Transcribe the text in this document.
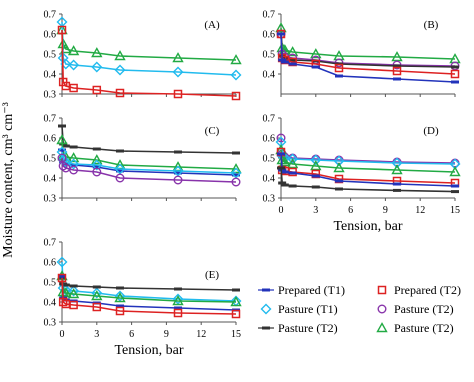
Moisture content, cm³ cm⁻³
0.3
0.4
0.5
0.6
0.7
(A)
0.4
0.5
0.6
0.7
(B)
0.3
0.4
0.5
0.6
0.7
(C)
0.3
0.4
0.5
0.6
0.7
0	3	6	9	12 15
Tension, bar
(D)
0.3
0.4
0.5
0.6
0.7
0	3	6	9	12 15
Tension, bar
(E)
Prepared (T1)	Prepared (T2)
Pasture (T1)	Pasture (T2)
Pasture (T2)	Pasture (T2)
